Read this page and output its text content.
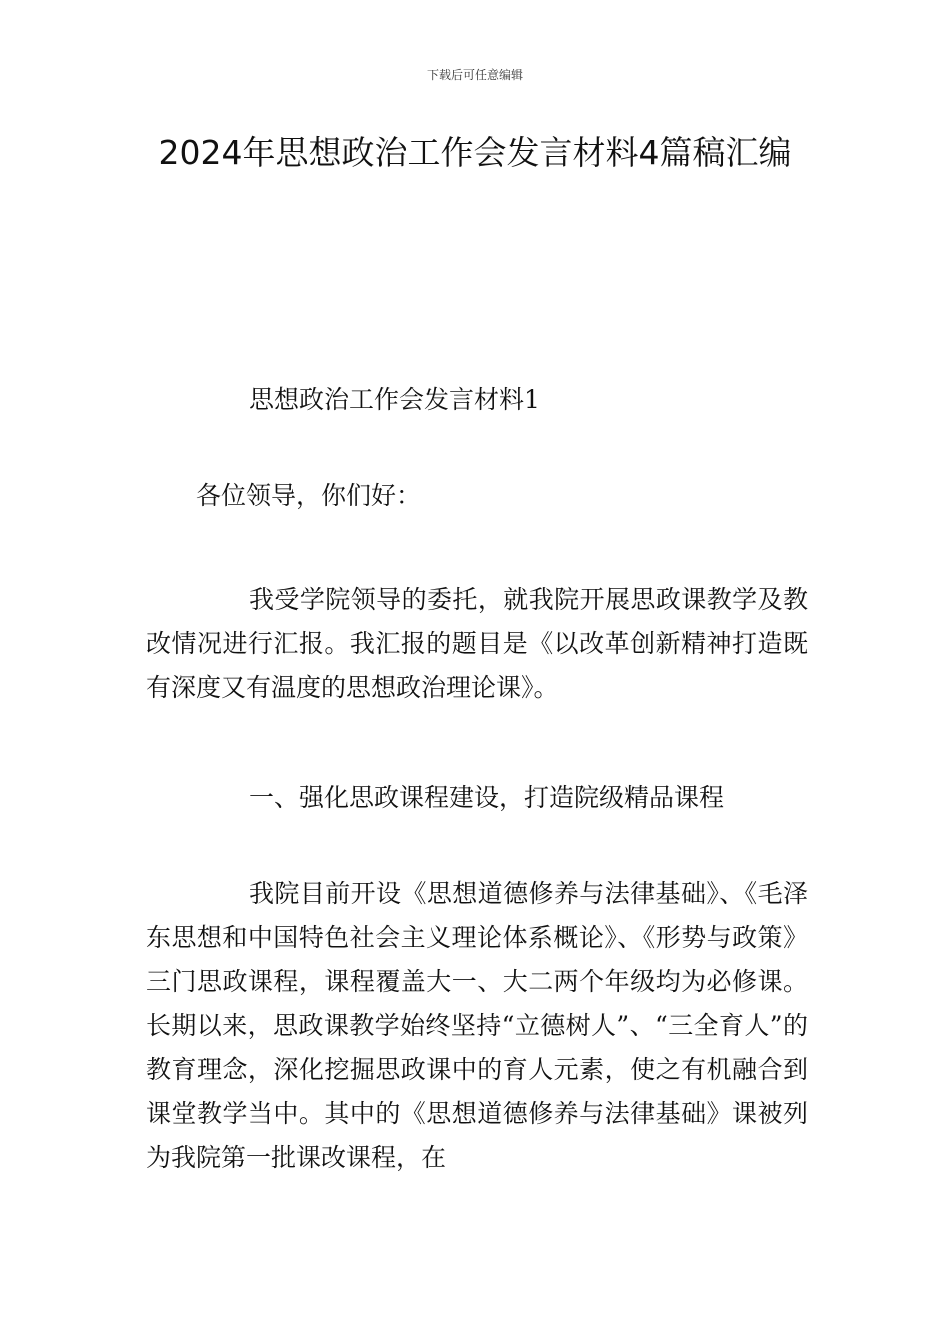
下载后可任意编辑
2024年思想政治工作会发言材料4篇稿汇编

思想政治工作会发言材料1

各位领导，你们好：

我受学院领导的委托，就我院开展思政课教学及教改情况进行汇报。我汇报的题目是《以改革创新精神打造既有深度又有温度的思想政治理论课》。

一、强化思政课程建设，打造院级精品课程

我院目前开设《思想道德修养与法律基础》、《毛泽东思想和中国特色社会主义理论体系概论》、《形势与政策》三门思政课程，课程覆盖大一、大二两个年级均为必修课。长期以来，思政课教学始终坚持“立德树人”、“三全育人”的教育理念，深化挖掘思政课中的育人元素，使之有机融合到课堂教学当中。其中的《思想道德修养与法律基础》课被列为我院第一批课改课程，在
